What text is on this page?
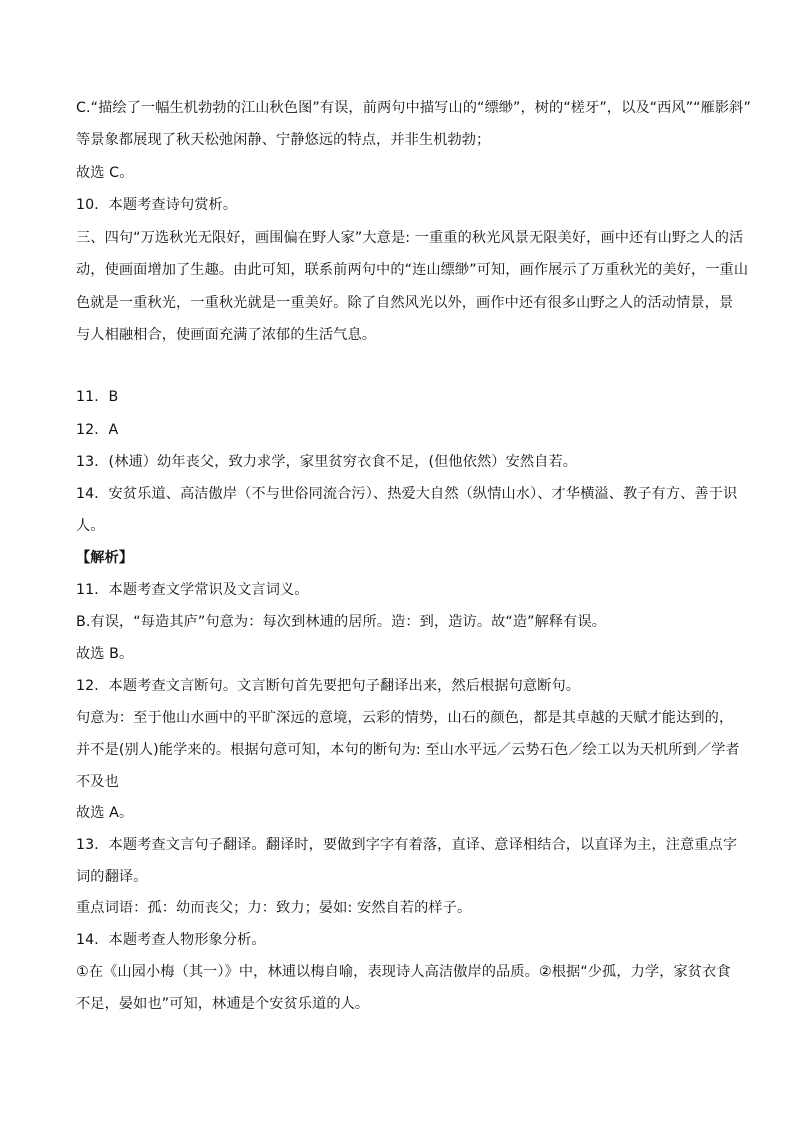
C.“描绘了一幅生机勃勃的江山秋色图”有误，前两句中描写山的“缥缈”，树的“槎牙”，以及“西风”“雁影斜”
等景象都展现了秋天松弛闲静、宁静悠远的特点，并非生机勃勃；
故选 C。
10．本题考查诗句赏析。
三、四句“万选秋光无限好，画围偏在野人家”大意是: 一重重的秋光风景无限美好，画中还有山野之人的活
动，使画面增加了生趣。由此可知，联系前两句中的“连山缥缈”可知，画作展示了万重秋光的美好，一重山
色就是一重秋光，一重秋光就是一重美好。除了自然风光以外，画作中还有很多山野之人的活动情景，景
与人相融相合，使画面充满了浓郁的生活气息。
11．B
12．A
13．(林逋）幼年丧父，致力求学，家里贫穷衣食不足，(但他依然）安然自若。
14．安贫乐道、高洁傲岸（不与世俗同流合污）、热爱大自然（纵情山水）、才华横溢、教子有方、善于识
人。
【解析】
11．本题考查文学常识及文言词义。
B.有误，“每造其庐”句意为：每次到林逋的居所。造：到，造访。故“造”解释有误。
故选 B。
12．本题考查文言断句。文言断句首先要把句子翻译出来，然后根据句意断句。
句意为：至于他山水画中的平旷深远的意境，云彩的情势，山石的颜色，都是其卓越的天赋才能达到的，
并不是(别人)能学来的。根据句意可知，本句的断句为: 至山水平远／云势石色／绘工以为天机所到／学者
不及也
故选 A。
13．本题考查文言句子翻译。翻译时，要做到字字有着落，直译、意译相结合，以直译为主，注意重点字
词的翻译。
重点词语：孤：幼而丧父；力：致力；晏如: 安然自若的样子。
14．本题考查人物形象分析。
①在《山园小梅（其一）》中，林逋以梅自喻，表现诗人高洁傲岸的品质。②根据“少孤，力学，家贫衣食
不足，晏如也”可知，林逋是个安贫乐道的人。
